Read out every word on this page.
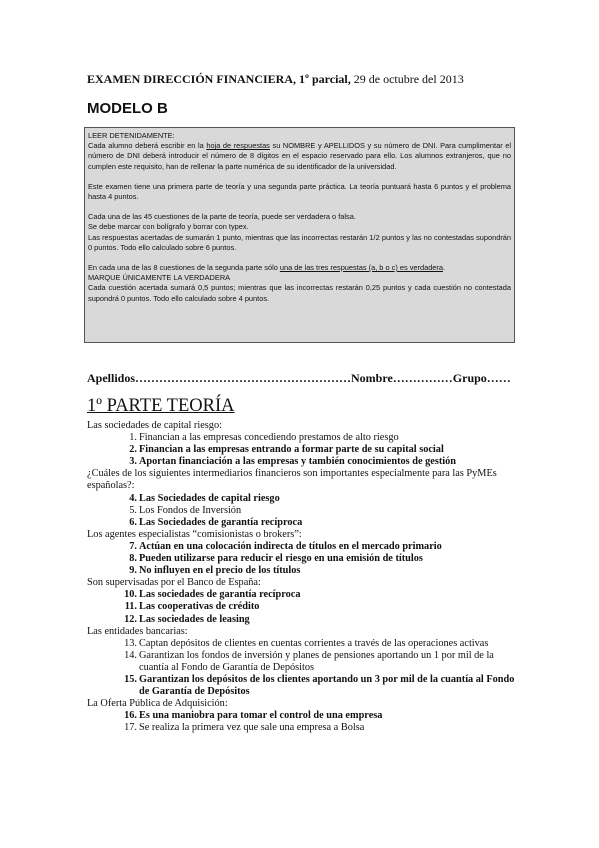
EXAMEN DIRECCIÓN FINANCIERA, 1º parcial, 29 de octubre del 2013
MODELO B

LEER DETENIDAMENTE:
Cada alumno deberá escribir en la hoja de respuestas su NOMBRE y APELLIDOS y su número de DNI. Para cumplimentar el número de DNI deberá introducir el número de 8 dígitos en el espacio reservado para ello. Los alumnos extranjeros, que no cumplen este requisito, han de rellenar la parte numérica de su identificador de la universidad.

Este examen tiene una primera parte de teoría y una segunda parte práctica. La teoría puntuará hasta 6 puntos y el problema hasta 4 puntos.

Cada una de las 45 cuestiones de la parte de teoría, puede ser verdadera o falsa.
Se debe marcar con bolígrafo y borrar con typex.
Las respuestas acertadas de sumarán 1 punto, mientras que las incorrectas restarán 1/2 puntos y las no contestadas supondrán 0 puntos. Todo ello calculado sobre 6 puntos.

En cada una de las 8 cuestiones de la segunda parte sólo una de las tres respuestas (a, b o c) es verdadera.
MARQUE ÚNICAMENTE LA VERDADERA
Cada cuestión acertada sumará 0,5 puntos; mientras que las incorrectas restarán 0,25 puntos y cada cuestión no contestada supondrá 0 puntos. Todo ello calculado sobre 4 puntos.

Apellidos………………………………………………Nombre……………Grupo……
1º PARTE TEORÍA

Las sociedades de capital riesgo:

1. Financian a las empresas concediendo prestamos de alto riesgo
2. Financian a las empresas entrando a formar parte de su capital social
3. Aportan financiación a las empresas y también conocimientos de gestión

¿Cuáles de los siguientes intermediarios financieros son importantes especialmente para las PyMEs españolas?:

4. Las Sociedades de capital riesgo
5. Los Fondos de Inversión
6. Las Sociedades de garantía recíproca

Los agentes especialistas “comisionistas o brokers”:

7. Actúan en una colocación indirecta de títulos en el mercado primario
8. Pueden utilizarse para reducir el riesgo en una emisión de títulos
9. No influyen en el precio de los títulos

Son supervisadas por el Banco de España:

10. Las sociedades de garantía recíproca
11. Las cooperativas de crédito
12. Las sociedades de leasing

Las entidades bancarias:

13. Captan depósitos de clientes en cuentas corrientes a través de las operaciones activas
14. Garantizan los fondos de inversión y planes de pensiones aportando un 1 por mil de la cuantía al Fondo de Garantía de Depósitos
15. Garantizan los depósitos de los clientes aportando un 3 por mil de la cuantía al Fondo de Garantía de Depósitos

La Oferta Pública de Adquisición:

16. Es una maniobra para tomar el control de una empresa
17. Se realiza la primera vez que sale una empresa a Bolsa
